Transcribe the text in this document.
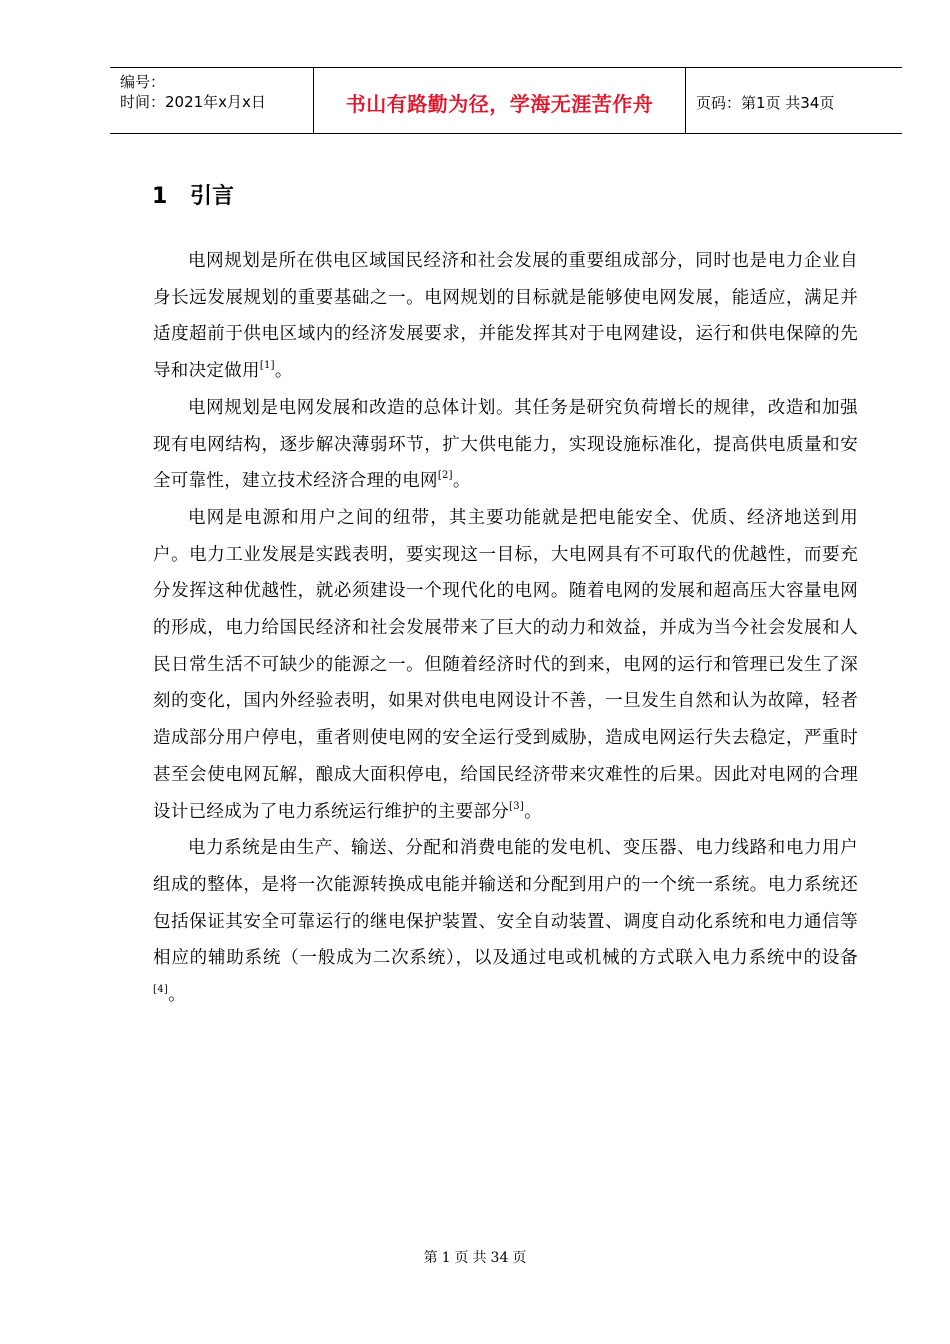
编号：
时间：2021年x月x日	书山有路勤为径，学海无涯苦作舟	页码：第1页 共34页
1 引言

电网规划是所在供电区域国民经济和社会发展的重要组成部分，同时也是电力企业自身长远发展规划的重要基础之一。电网规划的目标就是能够使电网发展，能适应，满足并适度超前于供电区域内的经济发展要求，并能发挥其对于电网建设，运行和供电保障的先导和决定做用[1]。

电网规划是电网发展和改造的总体计划。其任务是研究负荷增长的规律，改造和加强现有电网结构，逐步解决薄弱环节，扩大供电能力，实现设施标准化，提高供电质量和安全可靠性，建立技术经济合理的电网[2]。

电网是电源和用户之间的纽带，其主要功能就是把电能安全、优质、经济地送到用户。电力工业发展是实践表明，要实现这一目标，大电网具有不可取代的优越性，而要充分发挥这种优越性，就必须建设一个现代化的电网。随着电网的发展和超高压大容量电网的形成，电力给国民经济和社会发展带来了巨大的动力和效益，并成为当今社会发展和人民日常生活不可缺少的能源之一。但随着经济时代的到来，电网的运行和管理已发生了深刻的变化，国内外经验表明，如果对供电电网设计不善，一旦发生自然和认为故障，轻者造成部分用户停电，重者则使电网的安全运行受到威胁，造成电网运行失去稳定，严重时甚至会使电网瓦解，酿成大面积停电，给国民经济带来灾难性的后果。因此对电网的合理设计已经成为了电力系统运行维护的主要部分[3]。

电力系统是由生产、输送、分配和消费电能的发电机、变压器、电力线路和电力用户组成的整体，是将一次能源转换成电能并输送和分配到用户的一个统一系统。电力系统还包括保证其安全可靠运行的继电保护装置、安全自动装置、调度自动化系统和电力通信等相应的辅助系统（一般成为二次系统），以及通过电或机械的方式联入电力系统中的设备[4]。

第 1 页 共 34 页
